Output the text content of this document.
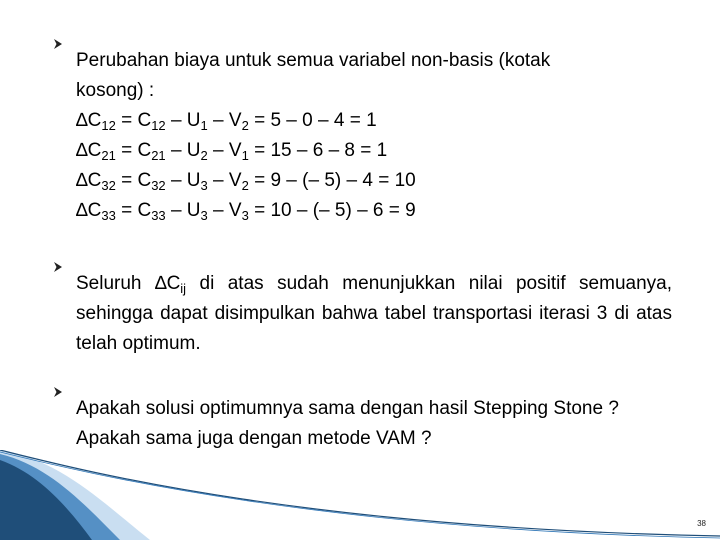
Perubahan biaya untuk semua variabel non-basis (kotak
kosong) :
$\Delta C_{12} = C_{12} - U_1 - V_2 = 5 - 0 - 4 = 1$
$\Delta C_{21} = C_{21} - U_2 - V_1 = 15 - 6 - 8 = 1$
$\Delta C_{32} = C_{32} - U_3 - V_2 = 9$ – (– 5) – 4 = 10
$\Delta C_{33} = C_{33} - U_3 - V_3 = 10$ – (– 5) – 6 = 9
Seluruh $\Delta C_{ij}$ di atas sudah menunjukkan nilai positif semuanya, sehingga dapat disimpulkan bahwa tabel transportasi iterasi 3 di atas telah optimum.
Apakah solusi optimumnya sama dengan hasil Stepping Stone ? Apakah sama juga dengan metode VAM ?
38
